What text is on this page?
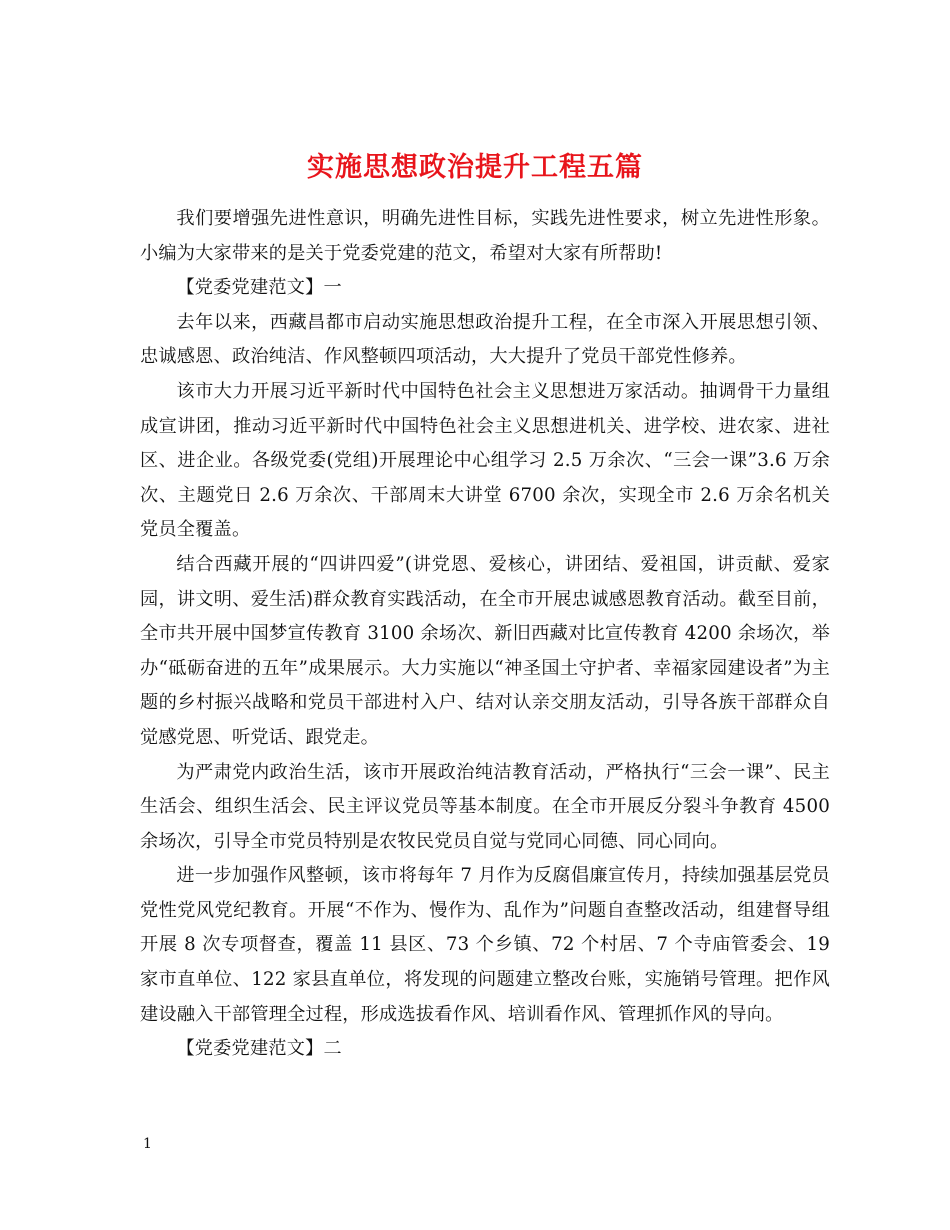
实施思想政治提升工程五篇

我们要增强先进性意识，明确先进性目标，实践先进性要求，树立先进性形象。小编为大家带来的是关于党委党建的范文，希望对大家有所帮助!

【党委党建范文】一

去年以来，西藏昌都市启动实施思想政治提升工程，在全市深入开展思想引领、忠诚感恩、政治纯洁、作风整顿四项活动，大大提升了党员干部党性修养。

该市大力开展习近平新时代中国特色社会主义思想进万家活动。抽调骨干力量组成宣讲团，推动习近平新时代中国特色社会主义思想进机关、进学校、进农家、进社区、进企业。各级党委(党组)开展理论中心组学习 2.5 万余次、“三会一课”3.6 万余次、主题党日 2.6 万余次、干部周末大讲堂 6700 余次，实现全市 2.6 万余名机关党员全覆盖。

结合西藏开展的“四讲四爱”(讲党恩、爱核心，讲团结、爱祖国，讲贡献、爱家园，讲文明、爱生活)群众教育实践活动，在全市开展忠诚感恩教育活动。截至目前，全市共开展中国梦宣传教育 3100 余场次、新旧西藏对比宣传教育 4200 余场次，举办“砥砺奋进的五年”成果展示。大力实施以“神圣国土守护者、幸福家园建设者”为主题的乡村振兴战略和党员干部进村入户、结对认亲交朋友活动，引导各族干部群众自觉感党恩、听党话、跟党走。

为严肃党内政治生活，该市开展政治纯洁教育活动，严格执行“三会一课”、民主生活会、组织生活会、民主评议党员等基本制度。在全市开展反分裂斗争教育 4500 余场次，引导全市党员特别是农牧民党员自觉与党同心同德、同心同向。

进一步加强作风整顿，该市将每年 7 月作为反腐倡廉宣传月，持续加强基层党员党性党风党纪教育。开展“不作为、慢作为、乱作为”问题自查整改活动，组建督导组开展 8 次专项督查，覆盖 11 县区、73 个乡镇、72 个村居、7 个寺庙管委会、19 家市直单位、122 家县直单位，将发现的问题建立整改台账，实施销号管理。把作风建设融入干部管理全过程，形成选拔看作风、培训看作风、管理抓作风的导向。

【党委党建范文】二

1
